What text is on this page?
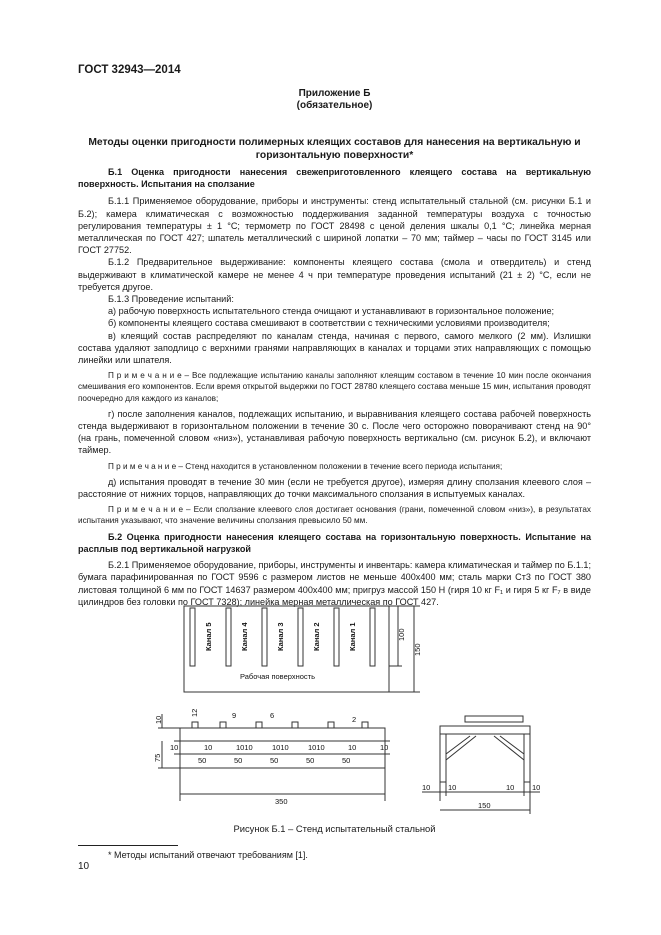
ГОСТ 32943—2014
Приложение Б
(обязательное)
Методы оценки пригодности полимерных клеящих составов для нанесения на вертикальную и горизонтальную поверхности*

Б.1 Оценка пригодности нанесения свежеприготовленного клеящего состава на вертикальную поверхность. Испытания на сползание

Б.1.1 Применяемое оборудование, приборы и инструменты: стенд испытательный стальной (см. рисунки Б.1 и Б.2); камера климатическая с возможностью поддерживания заданной температуры воздуха с точностью регулирования температуры ± 1 °С; термометр по ГОСТ 28498 с ценой деления шкалы 0,1 °С; линейка мерная металлическая по ГОСТ 427; шпатель металлический с шириной лопатки – 70 мм; таймер – часы по ГОСТ 3145 или ГОСТ 27752.

Б.1.2 Предварительное выдерживание: компоненты клеящего состава (смола и отвердитель) и стенд выдерживают в климатической камере не менее 4 ч при температуре проведения испытаний (21 ± 2) °С, если не требуется другое.

Б.1.3 Проведение испытаний:

а) рабочую поверхность испытательного стенда очищают и устанавливают в горизонтальное положение;

б) компоненты клеящего состава смешивают в соответствии с техническими условиями производителя;

в) клеящий состав распределяют по каналам стенда, начиная с первого, самого мелкого (2 мм). Излишки состава удаляют заподлицо с верхними гранями направляющих в каналах и торцами этих направляющих с помощью линейки или шпателя.

П р и м е ч а н и е – Все подлежащие испытанию каналы заполняют клеящим составом в течение 10 мин после окончания смешивания его компонентов. Если время открытой выдержки по ГОСТ 28780 клеящего состава меньше 15 мин, испытания проводят поочередно для каждого из каналов;

г) после заполнения каналов, подлежащих испытанию, и выравнивания клеящего состава рабочей поверхность стенда выдерживают в горизонтальном положении в течение 30 с. После чего осторожно поворачивают стенд на 90° (на грань, помеченной словом «низ»), устанавливая рабочую поверхность вертикально (см. рисунок Б.2), и включают таймер.

П р и м е ч а н и е – Стенд находится в установленном положении в течение всего периода испытания;

д) испытания проводят в течение 30 мин (если не требуется другое), измеряя длину сползания клеевого слоя – расстояние от нижних торцов, направляющих до точки максимального сползания в испытуемых каналах.

П р и м е ч а н и е – Если сползание клеевого слоя достигает основания (грани, помеченной словом «низ»), в результатах испытания указывают, что значение величины сползания превысило 50 мм.

Б.2 Оценка пригодности нанесения клеящего состава на горизонтальную поверхность. Испытание на расплыв под вертикальной нагрузкой

Б.2.1 Применяемое оборудование, приборы, инструменты и инвентарь: камера климатическая и таймер по Б.1.1; бумага парафинированная по ГОСТ 9596 с размером листов не меньше 400х400 мм; сталь марки Ст3 по ГОСТ 380 листовая толщиной 6 мм по ГОСТ 14637 размером 400х400 мм; пригруз массой 150 Н (гиря 10 кг F₁ и гиря 5 кг F₇ в виде цилиндров без головки по ГОСТ 7328); линейка мерная металлическая по ГОСТ 427.

Канал 5	Канал 4	Канал 3	Канал 2	Канал 1
Рабочая поверхность
100
150
12	9	6	2
10
75
10	10	1010	1010	1010	10	10
50	50	50	50	50
350
10 10	10 10
150
Рисунок Б.1 – Стенд испытательный стальной
* Методы испытаний отвечают требованиям [1].
10
